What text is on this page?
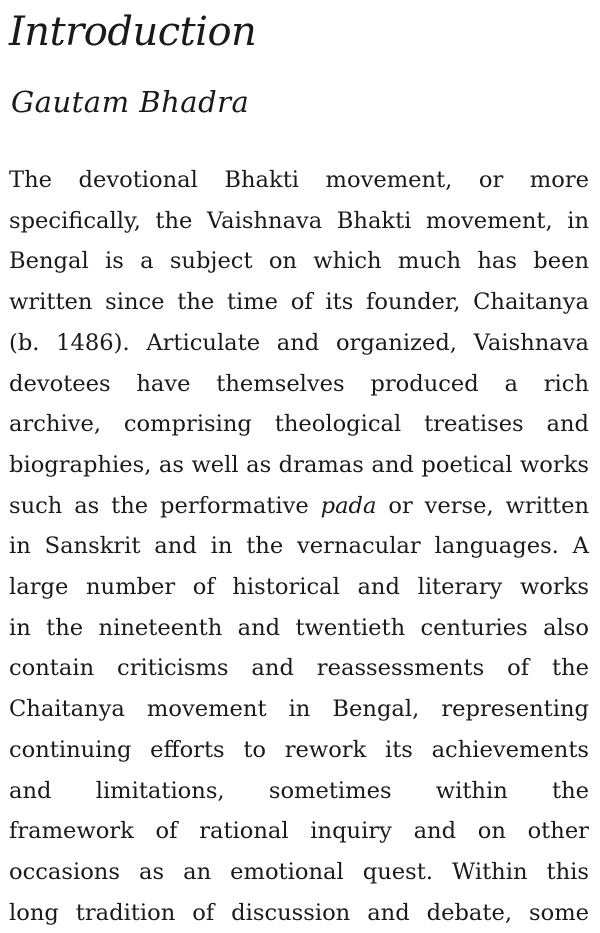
Introduction
Gautam Bhadra
The devotional Bhakti movement, or more
specifically, the Vaishnava Bhakti movement, in
Bengal is a subject on which much has been
written since the time of its founder, Chaitanya
(b. 1486). Articulate and organized, Vaishnava
devotees have themselves produced a rich
archive, comprising theological treatises and
biographies, as well as dramas and poetical works
such as the performative pada or verse, written
in Sanskrit and in the vernacular languages. A
large number of historical and literary works
in the nineteenth and twentieth centuries also
contain criticisms and reassessments of the
Chaitanya movement in Bengal, representing
continuing efforts to rework its achievements
and limitations, sometimes within the
framework of rational inquiry and on other
occasions as an emotional quest. Within this
long tradition of discussion and debate, some
